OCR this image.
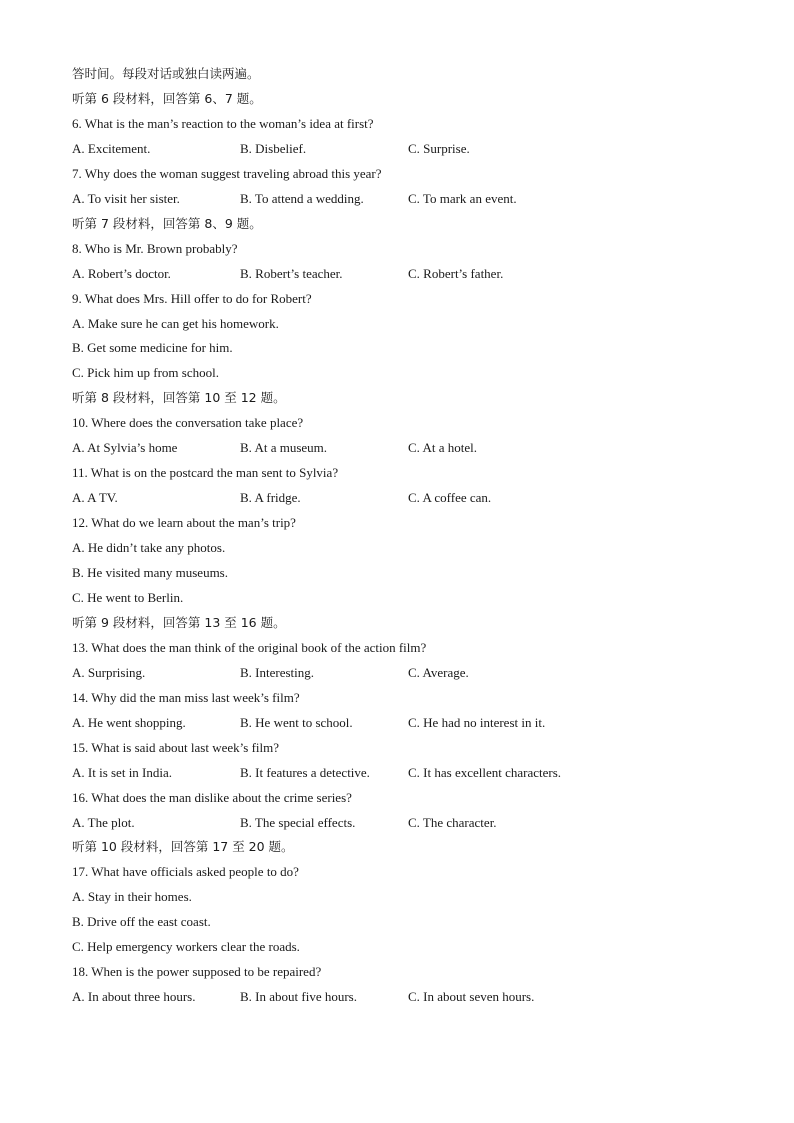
答时间。每段对话或独白读两遍。
听第 6 段材料，回答第 6、7 题。
6. What is the man’s reaction to the woman’s idea at first?
A. Excitement.	B. Disbelief.	C. Surprise.
7. Why does the woman suggest traveling abroad this year?
A. To visit her sister.	B. To attend a wedding.	C. To mark an event.
听第 7 段材料，回答第 8、9 题。
8. Who is Mr. Brown probably?
A. Robert’s doctor.	B. Robert’s teacher.	C. Robert’s father.
9. What does Mrs. Hill offer to do for Robert?
A. Make sure he can get his homework.
B. Get some medicine for him.
C. Pick him up from school.
听第 8 段材料，回答第 10 至 12 题。
10. Where does the conversation take place?
A. At Sylvia’s home	B. At a museum.	C. At a hotel.
11. What is on the postcard the man sent to Sylvia?
A. A TV.	B. A fridge.	C. A coffee can.
12. What do we learn about the man’s trip?
A. He didn’t take any photos.
B. He visited many museums.
C. He went to Berlin.
听第 9 段材料，回答第 13 至 16 题。
13. What does the man think of the original book of the action film?
A. Surprising.	B. Interesting.	C. Average.
14. Why did the man miss last week’s film?
A. He went shopping.	B. He went to school.	C. He had no interest in it.
15. What is said about last week’s film?
A. It is set in India.	B. It features a detective.	C. It has excellent characters.
16. What does the man dislike about the crime series?
A. The plot.	B. The special effects.	C. The character.
听第 10 段材料，回答第 17 至 20 题。
17. What have officials asked people to do?
A. Stay in their homes.
B. Drive off the east coast.
C. Help emergency workers clear the roads.
18. When is the power supposed to be repaired?
A. In about three hours.	B. In about five hours.	C. In about seven hours.
